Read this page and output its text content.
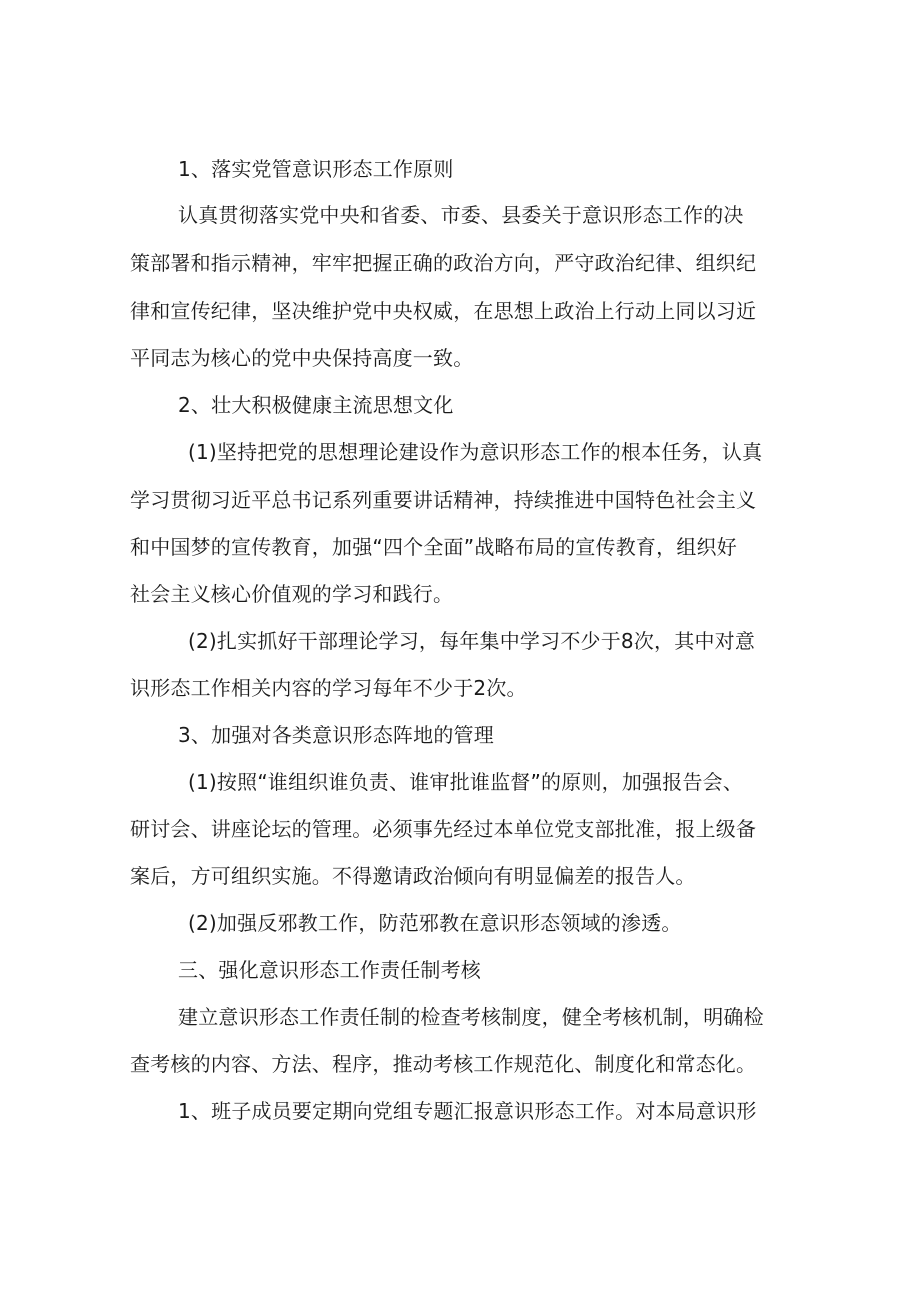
1、落实党管意识形态工作原则
认真贯彻落实党中央和省委、市委、县委关于意识形态工作的决
策部署和指示精神，牢牢把握正确的政治方向，严守政治纪律、组织纪
律和宣传纪律，坚决维护党中央权威，在思想上政治上行动上同以习近
平同志为核心的党中央保持高度一致。
2、壮大积极健康主流思想文化
(1)坚持把党的思想理论建设作为意识形态工作的根本任务，认真
学习贯彻习近平总书记系列重要讲话精神，持续推进中国特色社会主义
和中国梦的宣传教育，加强“四个全面”战略布局的宣传教育，组织好
社会主义核心价值观的学习和践行。
(2)扎实抓好干部理论学习，每年集中学习不少于8次，其中对意
识形态工作相关内容的学习每年不少于2次。
3、加强对各类意识形态阵地的管理
(1)按照“谁组织谁负责、谁审批谁监督”的原则，加强报告会、
研讨会、讲座论坛的管理。必须事先经过本单位党支部批准，报上级备
案后，方可组织实施。不得邀请政治倾向有明显偏差的报告人。
(2)加强反邪教工作，防范邪教在意识形态领域的渗透。
三、强化意识形态工作责任制考核
建立意识形态工作责任制的检查考核制度，健全考核机制，明确检
查考核的内容、方法、程序，推动考核工作规范化、制度化和常态化。
1、班子成员要定期向党组专题汇报意识形态工作。对本局意识形
